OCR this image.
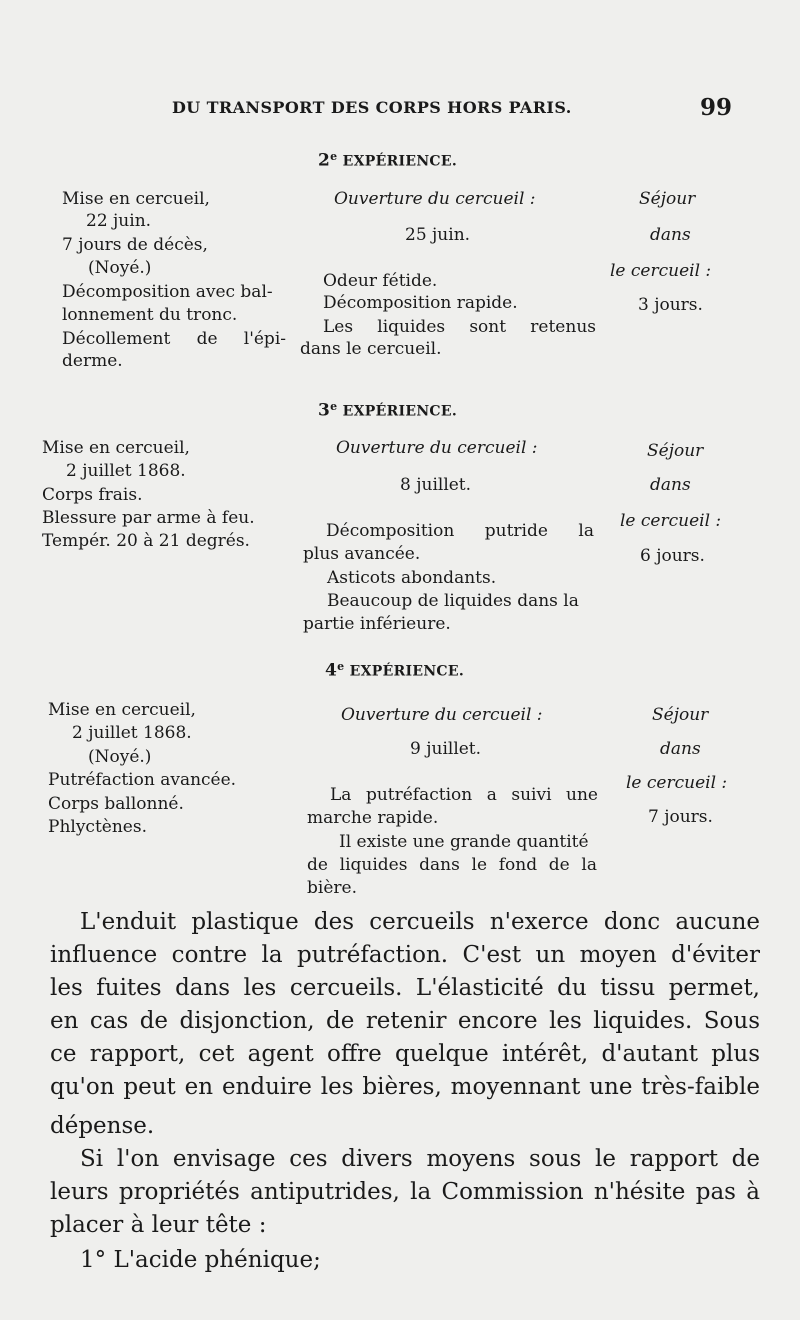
DU TRANSPORT DES CORPS HORS PARIS.	99
2e EXPÉRIENCE.
Mise en cercueil,
22 juin.
7 jours de décès,
(Noyé.)
Décomposition avec bal-
lonnement du tronc.
Décollement de l'épi-
derme.
Ouverture du cercueil :
25 juin.
Odeur fétide.
Décomposition rapide.
Les liquides sont retenus
dans le cercueil.
Séjour
dans
le cercueil :
3 jours.
3e EXPÉRIENCE.
Mise en cercueil,
2 juillet 1868.
Corps frais.
Blessure par arme à feu.
Tempér. 20 à 21 degrés.
Ouverture du cercueil :
8 juillet.
Décomposition putride la
plus avancée.
Asticots abondants.
Beaucoup de liquides dans la
partie inférieure.
Séjour
dans
le cercueil :
6 jours.
4e EXPÉRIENCE.
Mise en cercueil,
2 juillet 1868.
(Noyé.)
Putréfaction avancée.
Corps ballonné.
Phlyctènes.
Ouverture du cercueil :
9 juillet.
La putréfaction a suivi une
marche rapide.
Il existe une grande quantité
de liquides dans le fond de la
bière.
Séjour
dans
le cercueil :
7 jours.
L'enduit plastique des cercueils n'exerce donc aucune
influence contre la putréfaction. C'est un moyen d'éviter
les fuites dans les cercueils. L'élasticité du tissu permet,
en cas de disjonction, de retenir encore les liquides. Sous
ce rapport, cet agent offre quelque intérêt, d'autant plus
qu'on peut en enduire les bières, moyennant une très-faible
dépense.
Si l'on envisage ces divers moyens sous le rapport de
leurs propriétés antiputrides, la Commission n'hésite pas à
placer à leur tête :
1° L'acide phénique;
